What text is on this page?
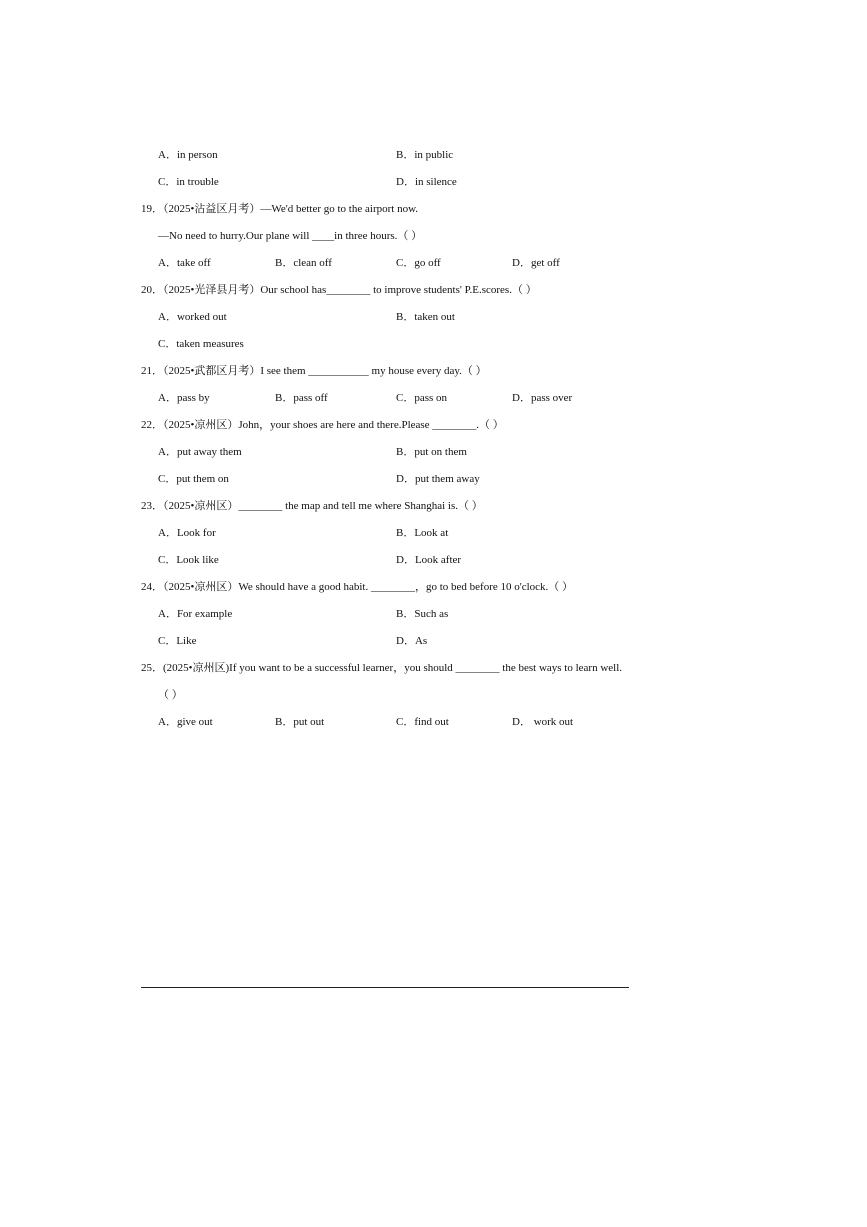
A．in person	B．in public
C．in trouble	D．in silence
19．（2025•沾益区月考）—We'd better go to the airport now.
—No need to hurry.Our plane will ____in three hours.（ ）
A．take off	B．clean off	C．go off	D．get off
20．（2025•光泽县月考）Our school has________ to improve students' P.E.scores.（ ）
A．worked out	B．taken out
C．taken measures
21．（2025•武都区月考）I see them ___________ my house every day.（ ）
A．pass by	B．pass off	C．pass on	D．pass over
22．（2025•凉州区）John，your shoes are here and there.Please ________.（ ）
A．put away them	B．put on them
C．put them on	D．put them away
23．（2025•凉州区）________ the map and tell me where Shanghai is.（ ）
A．Look for	B．Look at
C．Look like	D．Look after
24．（2025•凉州区）We should have a good habit. ________，go to bed before 10 o'clock.（ ）
A．For example	B．Such as
C．Like	D．As
25．(2025•凉州区)If you want to be a successful learner，you should ________ the best ways to learn well.
（ ）
A．give out	B．put out	C．find out	D． work out
